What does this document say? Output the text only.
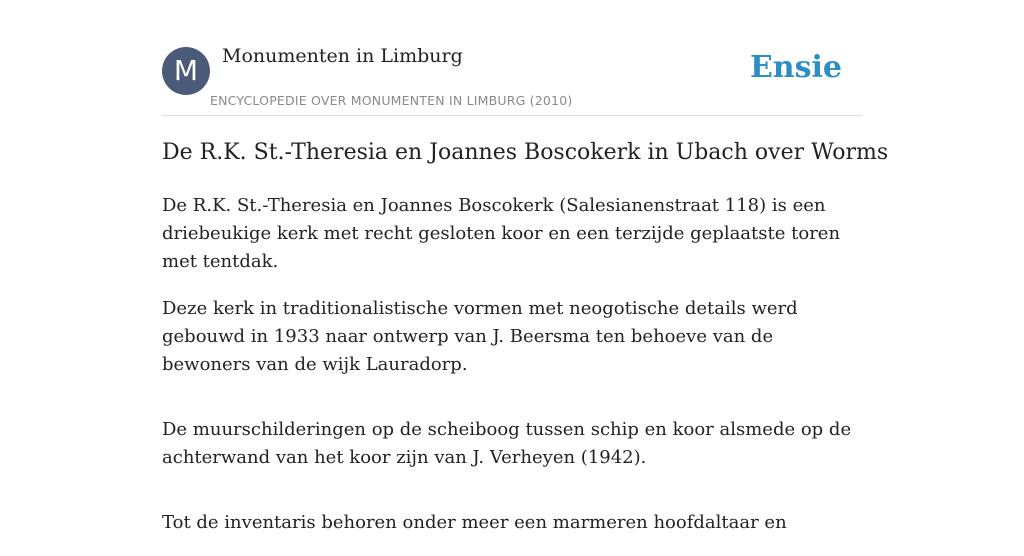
M	Monumenten in Limburg
ENCYCLOPEDIE OVER MONUMENTEN IN LIMBURG (2010)
Ensie
De R.K. St.-Theresia en Joannes Boscokerk in Ubach over Worms

De R.K. St.-Theresia en Joannes Boscokerk (Salesianenstraat 118) is een driebeukige kerk met recht gesloten koor en een terzijde geplaatste toren met tentdak.

Deze kerk in traditionalistische vormen met neogotische details werd gebouwd in 1933 naar ontwerp van J. Beersma ten behoeve van de bewoners van de wijk Lauradorp.

De muurschilderingen op de scheiboog tussen schip en koor alsmede op de achterwand van het koor zijn van J. Verheyen (1942).

Tot de inventaris behoren onder meer een marmeren hoofdaltaar en
